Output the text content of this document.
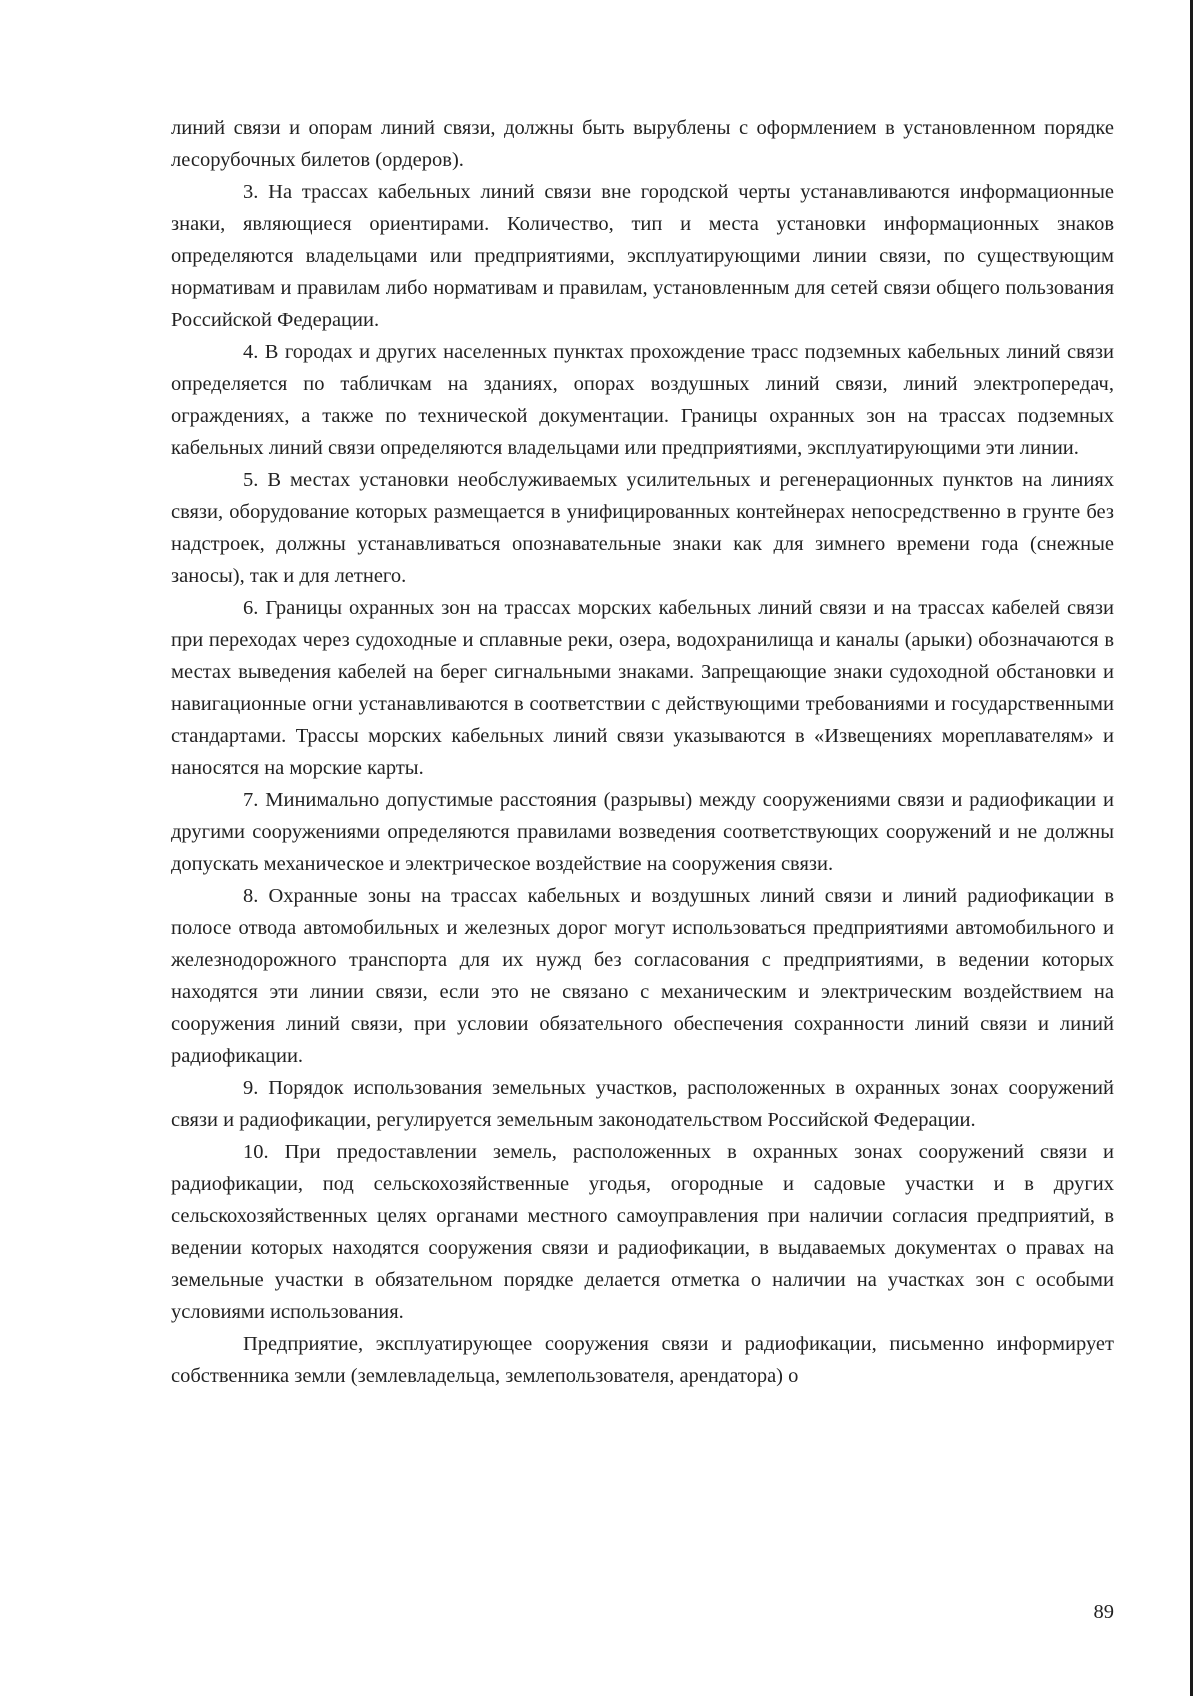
линий связи и опорам линий связи, должны быть вырублены с оформлением в установленном порядке лесорубочных билетов (ордеров).

3. На трассах кабельных линий связи вне городской черты устанавливаются информационные знаки, являющиеся ориентирами. Количество, тип и места установки информационных знаков определяются владельцами или предприятиями, эксплуатирующими линии связи, по существующим нормативам и правилам либо нормативам и правилам, установленным для сетей связи общего пользования Российской Федерации.

4. В городах и других населенных пунктах прохождение трасс подземных кабельных линий связи определяется по табличкам на зданиях, опорах воздушных линий связи, линий электропередач, ограждениях, а также по технической документации. Границы охранных зон на трассах подземных кабельных линий связи определяются владельцами или предприятиями, эксплуатирующими эти линии.

5. В местах установки необслуживаемых усилительных и регенерационных пунктов на линиях связи, оборудование которых размещается в унифицированных контейнерах непосредственно в грунте без надстроек, должны устанавливаться опознавательные знаки как для зимнего времени года (снежные заносы), так и для летнего.

6. Границы охранных зон на трассах морских кабельных линий связи и на трассах кабелей связи при переходах через судоходные и сплавные реки, озера, водохранилища и каналы (арыки) обозначаются в местах выведения кабелей на берег сигнальными знаками. Запрещающие знаки судоходной обстановки и навигационные огни устанавливаются в соответствии с действующими требованиями и государственными стандартами. Трассы морских кабельных линий связи указываются в «Извещениях мореплавателям» и наносятся на морские карты.

7. Минимально допустимые расстояния (разрывы) между сооружениями связи и радиофикации и другими сооружениями определяются правилами возведения соответствующих сооружений и не должны допускать механическое и электрическое воздействие на сооружения связи.

8. Охранные зоны на трассах кабельных и воздушных линий связи и линий радиофикации в полосе отвода автомобильных и железных дорог могут использоваться предприятиями автомобильного и железнодорожного транспорта для их нужд без согласования с предприятиями, в ведении которых находятся эти линии связи, если это не связано с механическим и электрическим воздействием на сооружения линий связи, при условии обязательного обеспечения сохранности линий связи и линий радиофикации.

9. Порядок использования земельных участков, расположенных в охранных зонах сооружений связи и радиофикации, регулируется земельным законодательством Российской Федерации.

10. При предоставлении земель, расположенных в охранных зонах сооружений связи и радиофикации, под сельскохозяйственные угодья, огородные и садовые участки и в других сельскохозяйственных целях органами местного самоуправления при наличии согласия предприятий, в ведении которых находятся сооружения связи и радиофикации, в выдаваемых документах о правах на земельные участки в обязательном порядке делается отметка о наличии на участках зон с особыми условиями использования.

Предприятие, эксплуатирующее сооружения связи и радиофикации, письменно информирует собственника земли (землевладельца, землепользователя, арендатора) о

89
